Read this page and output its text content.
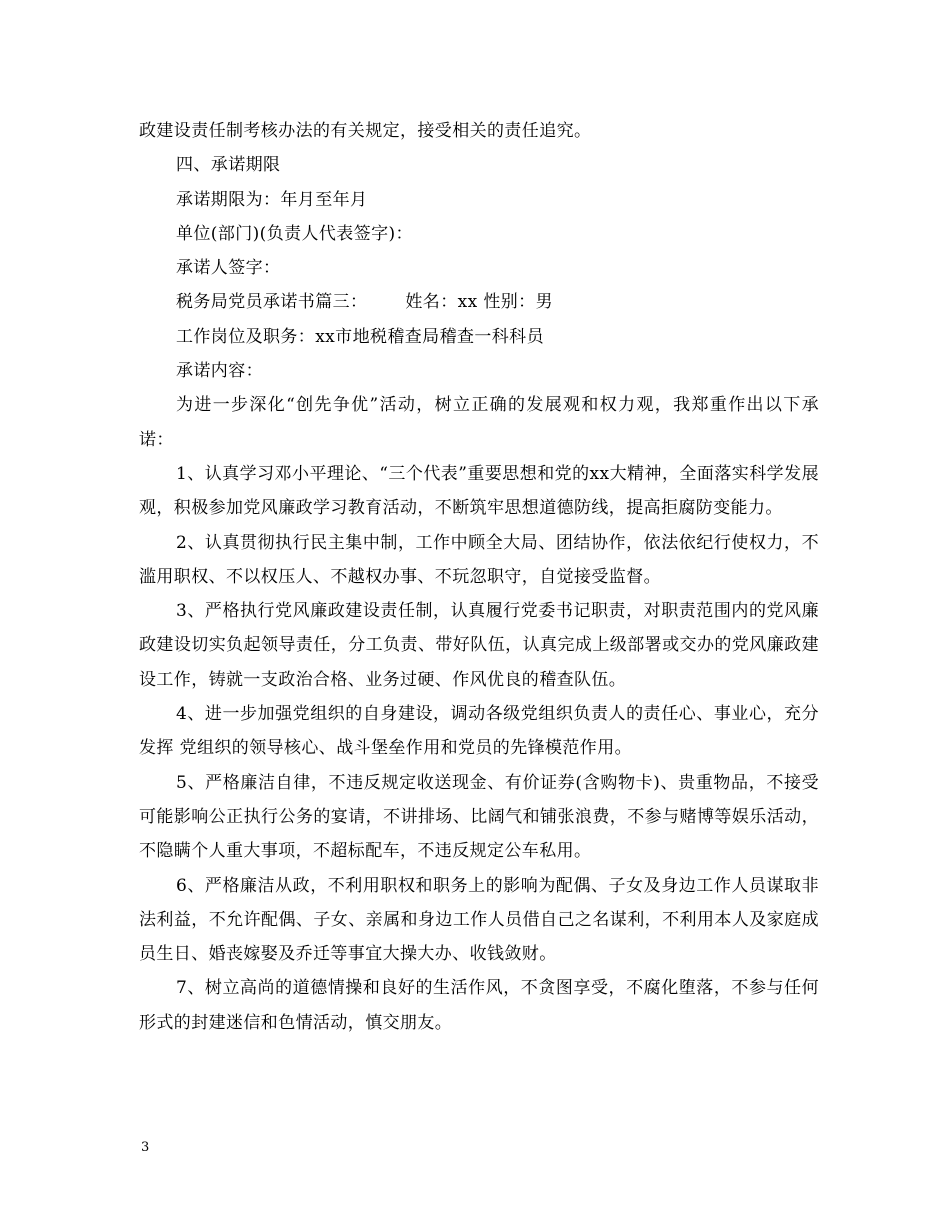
政建设责任制考核办法的有关规定，接受相关的责任追究。

四、承诺期限

承诺期限为：年月至年月

单位(部门)(负责人代表签字)：

承诺人签字：

税务局党员承诺书篇三： 姓名：xx 性别：男

工作岗位及职务：xx市地税稽查局稽查一科科员

承诺内容：

为进一步深化“创先争优”活动，树立正确的发展观和权力观，我郑重作出以下承诺：

1、认真学习邓小平理论、“三个代表”重要思想和党的xx大精神，全面落实科学发展观，积极参加党风廉政学习教育活动，不断筑牢思想道德防线，提高拒腐防变能力。

2、认真贯彻执行民主集中制，工作中顾全大局、团结协作，依法依纪行使权力，不滥用职权、不以权压人、不越权办事、不玩忽职守，自觉接受监督。

3、严格执行党风廉政建设责任制，认真履行党委书记职责，对职责范围内的党风廉政建设切实负起领导责任，分工负责、带好队伍，认真完成上级部署或交办的党风廉政建设工作，铸就一支政治合格、业务过硬、作风优良的稽查队伍。

4、进一步加强党组织的自身建设，调动各级党组织负责人的责任心、事业心，充分发挥 党组织的领导核心、战斗堡垒作用和党员的先锋模范作用。

5、严格廉洁自律，不违反规定收送现金、有价证券(含购物卡)、贵重物品，不接受可能影响公正执行公务的宴请，不讲排场、比阔气和铺张浪费，不参与赌博等娱乐活动，不隐瞒个人重大事项，不超标配车，不违反规定公车私用。

6、严格廉洁从政，不利用职权和职务上的影响为配偶、子女及身边工作人员谋取非法利益，不允许配偶、子女、亲属和身边工作人员借自己之名谋利，不利用本人及家庭成员生日、婚丧嫁娶及乔迁等事宜大操大办、收钱敛财。

7、树立高尚的道德情操和良好的生活作风，不贪图享受，不腐化堕落，不参与任何形式的封建迷信和色情活动，慎交朋友。

3
